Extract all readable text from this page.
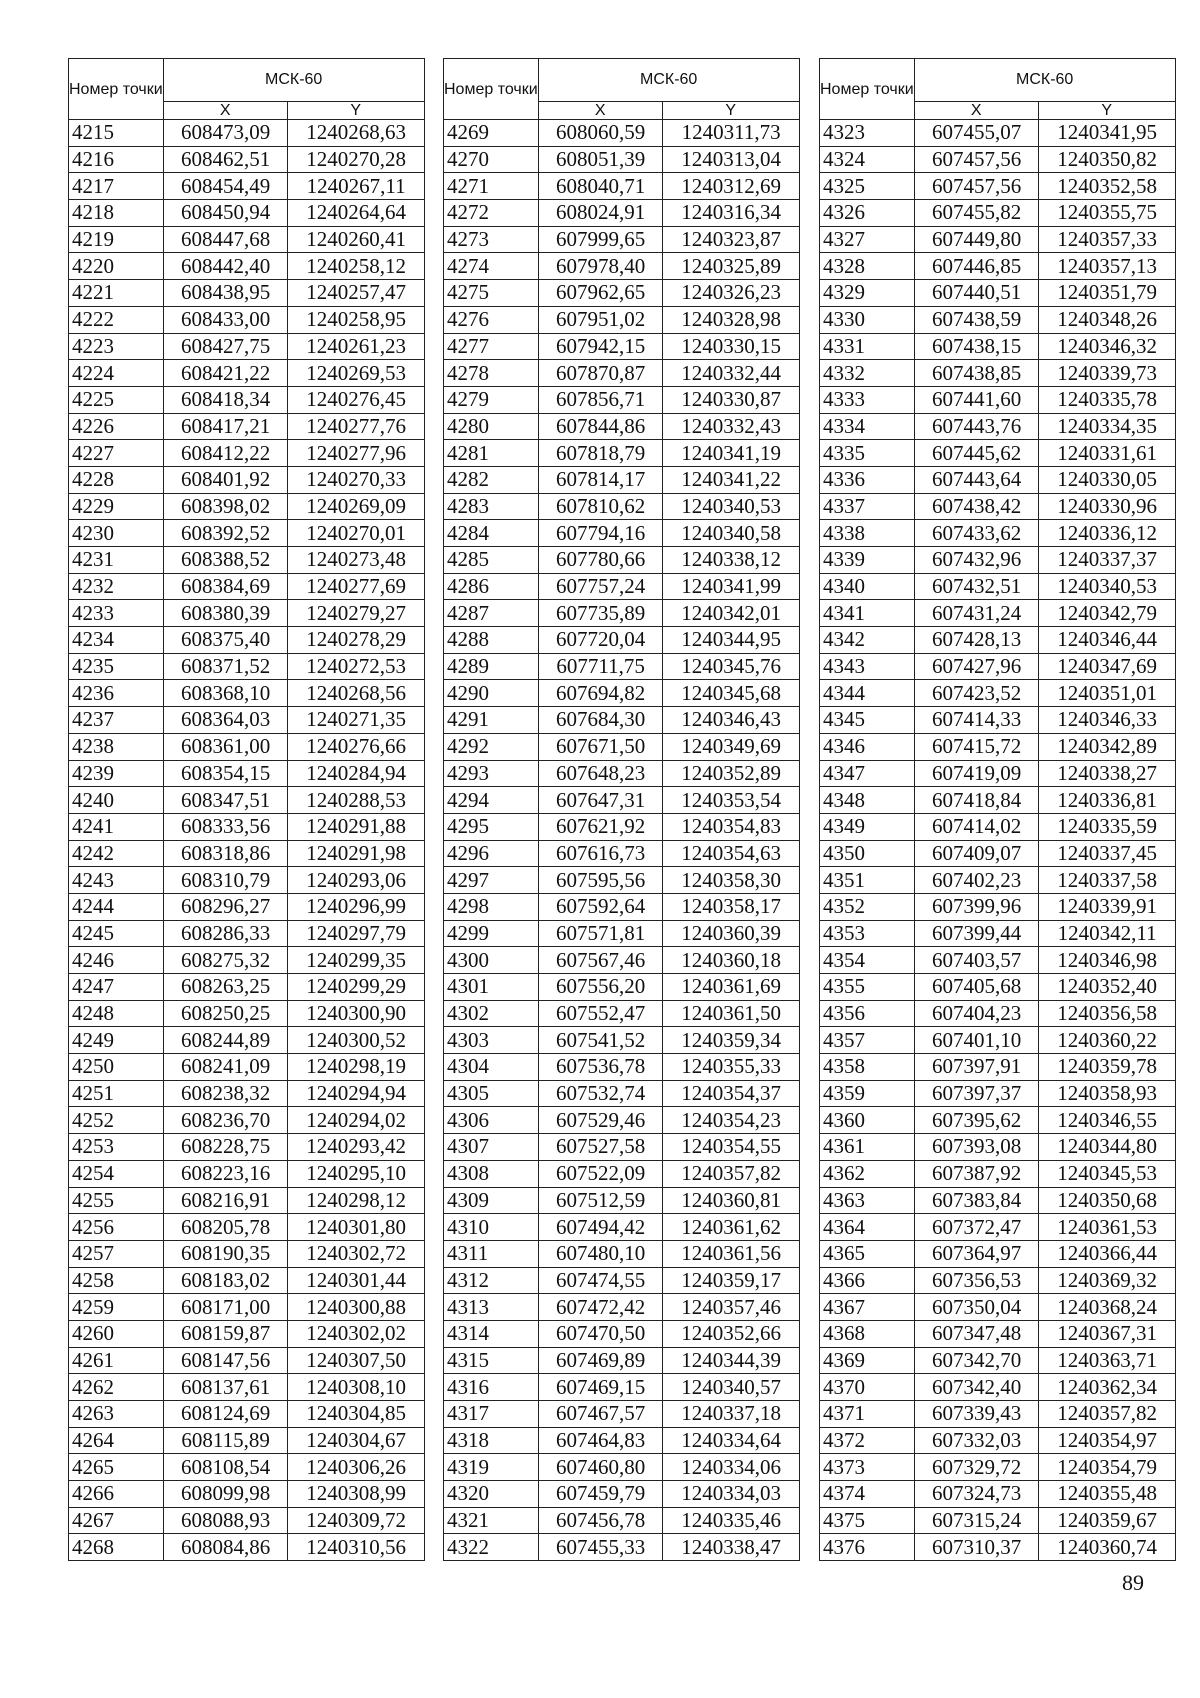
Номер точки	МСК-60	
	X	Y
4215	608473,09	1240268,63
4216	608462,51	1240270,28
4217	608454,49	1240267,11
4218	608450,94	1240264,64
4219	608447,68	1240260,41
4220	608442,40	1240258,12
4221	608438,95	1240257,47
4222	608433,00	1240258,95
4223	608427,75	1240261,23
4224	608421,22	1240269,53
4225	608418,34	1240276,45
4226	608417,21	1240277,76
4227	608412,22	1240277,96
4228	608401,92	1240270,33
4229	608398,02	1240269,09
4230	608392,52	1240270,01
4231	608388,52	1240273,48
4232	608384,69	1240277,69
4233	608380,39	1240279,27
4234	608375,40	1240278,29
4235	608371,52	1240272,53
4236	608368,10	1240268,56
4237	608364,03	1240271,35
4238	608361,00	1240276,66
4239	608354,15	1240284,94
4240	608347,51	1240288,53
4241	608333,56	1240291,88
4242	608318,86	1240291,98
4243	608310,79	1240293,06
4244	608296,27	1240296,99
4245	608286,33	1240297,79
4246	608275,32	1240299,35
4247	608263,25	1240299,29
4248	608250,25	1240300,90
4249	608244,89	1240300,52
4250	608241,09	1240298,19
4251	608238,32	1240294,94
4252	608236,70	1240294,02
4253	608228,75	1240293,42
4254	608223,16	1240295,10
4255	608216,91	1240298,12
4256	608205,78	1240301,80
4257	608190,35	1240302,72
4258	608183,02	1240301,44
4259	608171,00	1240300,88
4260	608159,87	1240302,02
4261	608147,56	1240307,50
4262	608137,61	1240308,10
4263	608124,69	1240304,85
4264	608115,89	1240304,67
4265	608108,54	1240306,26
4266	608099,98	1240308,99
4267	608088,93	1240309,72
4268	608084,86	1240310,56
Номер точки	МСК-60	
	X	Y
4269	608060,59	1240311,73
4270	608051,39	1240313,04
4271	608040,71	1240312,69
4272	608024,91	1240316,34
4273	607999,65	1240323,87
4274	607978,40	1240325,89
4275	607962,65	1240326,23
4276	607951,02	1240328,98
4277	607942,15	1240330,15
4278	607870,87	1240332,44
4279	607856,71	1240330,87
4280	607844,86	1240332,43
4281	607818,79	1240341,19
4282	607814,17	1240341,22
4283	607810,62	1240340,53
4284	607794,16	1240340,58
4285	607780,66	1240338,12
4286	607757,24	1240341,99
4287	607735,89	1240342,01
4288	607720,04	1240344,95
4289	607711,75	1240345,76
4290	607694,82	1240345,68
4291	607684,30	1240346,43
4292	607671,50	1240349,69
4293	607648,23	1240352,89
4294	607647,31	1240353,54
4295	607621,92	1240354,83
4296	607616,73	1240354,63
4297	607595,56	1240358,30
4298	607592,64	1240358,17
4299	607571,81	1240360,39
4300	607567,46	1240360,18
4301	607556,20	1240361,69
4302	607552,47	1240361,50
4303	607541,52	1240359,34
4304	607536,78	1240355,33
4305	607532,74	1240354,37
4306	607529,46	1240354,23
4307	607527,58	1240354,55
4308	607522,09	1240357,82
4309	607512,59	1240360,81
4310	607494,42	1240361,62
4311	607480,10	1240361,56
4312	607474,55	1240359,17
4313	607472,42	1240357,46
4314	607470,50	1240352,66
4315	607469,89	1240344,39
4316	607469,15	1240340,57
4317	607467,57	1240337,18
4318	607464,83	1240334,64
4319	607460,80	1240334,06
4320	607459,79	1240334,03
4321	607456,78	1240335,46
4322	607455,33	1240338,47
Номер точки	МСК-60	
	X	Y
4323	607455,07	1240341,95
4324	607457,56	1240350,82
4325	607457,56	1240352,58
4326	607455,82	1240355,75
4327	607449,80	1240357,33
4328	607446,85	1240357,13
4329	607440,51	1240351,79
4330	607438,59	1240348,26
4331	607438,15	1240346,32
4332	607438,85	1240339,73
4333	607441,60	1240335,78
4334	607443,76	1240334,35
4335	607445,62	1240331,61
4336	607443,64	1240330,05
4337	607438,42	1240330,96
4338	607433,62	1240336,12
4339	607432,96	1240337,37
4340	607432,51	1240340,53
4341	607431,24	1240342,79
4342	607428,13	1240346,44
4343	607427,96	1240347,69
4344	607423,52	1240351,01
4345	607414,33	1240346,33
4346	607415,72	1240342,89
4347	607419,09	1240338,27
4348	607418,84	1240336,81
4349	607414,02	1240335,59
4350	607409,07	1240337,45
4351	607402,23	1240337,58
4352	607399,96	1240339,91
4353	607399,44	1240342,11
4354	607403,57	1240346,98
4355	607405,68	1240352,40
4356	607404,23	1240356,58
4357	607401,10	1240360,22
4358	607397,91	1240359,78
4359	607397,37	1240358,93
4360	607395,62	1240346,55
4361	607393,08	1240344,80
4362	607387,92	1240345,53
4363	607383,84	1240350,68
4364	607372,47	1240361,53
4365	607364,97	1240366,44
4366	607356,53	1240369,32
4367	607350,04	1240368,24
4368	607347,48	1240367,31
4369	607342,70	1240363,71
4370	607342,40	1240362,34
4371	607339,43	1240357,82
4372	607332,03	1240354,97
4373	607329,72	1240354,79
4374	607324,73	1240355,48
4375	607315,24	1240359,67
4376	607310,37	1240360,74
89
